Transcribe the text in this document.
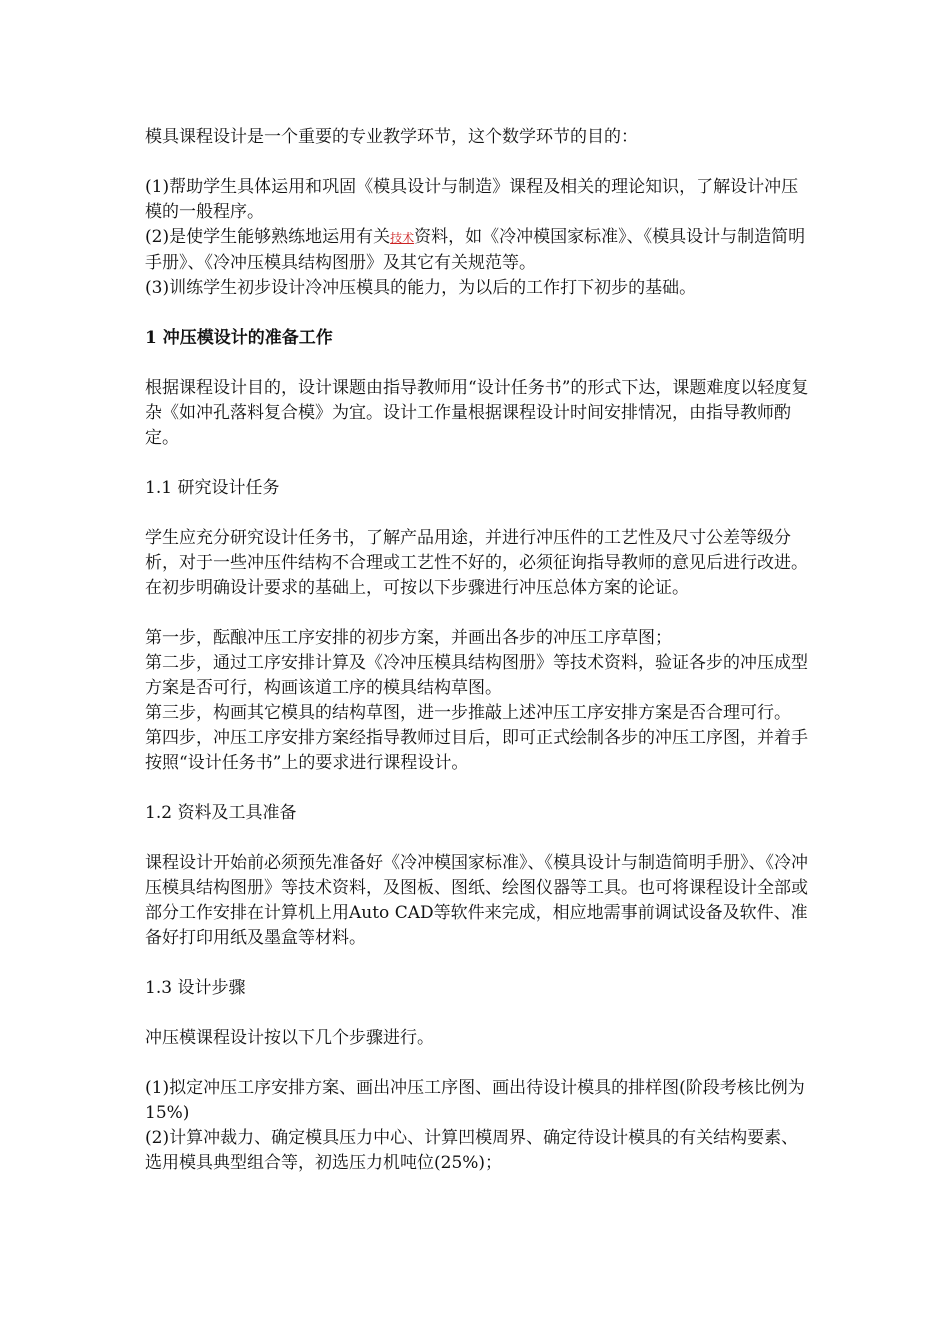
模具课程设计是一个重要的专业教学环节，这个数学环节的目的：

(1)帮助学生具体运用和巩固《模具设计与制造》课程及相关的理论知识，了解设计冲压模的一般程序。

(2)是使学生能够熟练地运用有关技术资料，如《冷冲模国家标准》、《模具设计与制造简明手册》、《冷冲压模具结构图册》及其它有关规范等。

(3)训练学生初步设计冷冲压模具的能力，为以后的工作打下初步的基础。

1 冲压模设计的准备工作

根据课程设计目的，设计课题由指导教师用“设计任务书”的形式下达，课题难度以轻度复杂《如冲孔落料复合模》为宜。设计工作量根据课程设计时间安排情况，由指导教师酌定。

1.1 研究设计任务

学生应充分研究设计任务书，了解产品用途，并进行冲压件的工艺性及尺寸公差等级分析，对于一些冲压件结构不合理或工艺性不好的，必须征询指导教师的意见后进行改进。在初步明确设计要求的基础上，可按以下步骤进行冲压总体方案的论证。

第一步，酝酿冲压工序安排的初步方案，并画出各步的冲压工序草图；

第二步，通过工序安排计算及《冷冲压模具结构图册》等技术资料，验证各步的冲压成型方案是否可行，构画该道工序的模具结构草图。

第三步，构画其它模具的结构草图，进一步推敲上述冲压工序安排方案是否合理可行。

第四步，冲压工序安排方案经指导教师过目后，即可正式绘制各步的冲压工序图，并着手按照“设计任务书”上的要求进行课程设计。

1.2 资料及工具准备

课程设计开始前必须预先准备好《冷冲模国家标准》、《模具设计与制造简明手册》、《冷冲压模具结构图册》等技术资料，及图板、图纸、绘图仪器等工具。也可将课程设计全部或部分工作安排在计算机上用Auto CAD等软件来完成，相应地需事前调试设备及软件、准备好打印用纸及墨盒等材料。

1.3 设计步骤

冲压模课程设计按以下几个步骤进行。

(1)拟定冲压工序安排方案、画出冲压工序图、画出待设计模具的排样图(阶段考核比例为15%)

(2)计算冲裁力、确定模具压力中心、计算凹模周界、确定待设计模具的有关结构要素、选用模具典型组合等，初选压力机吨位(25%)；
